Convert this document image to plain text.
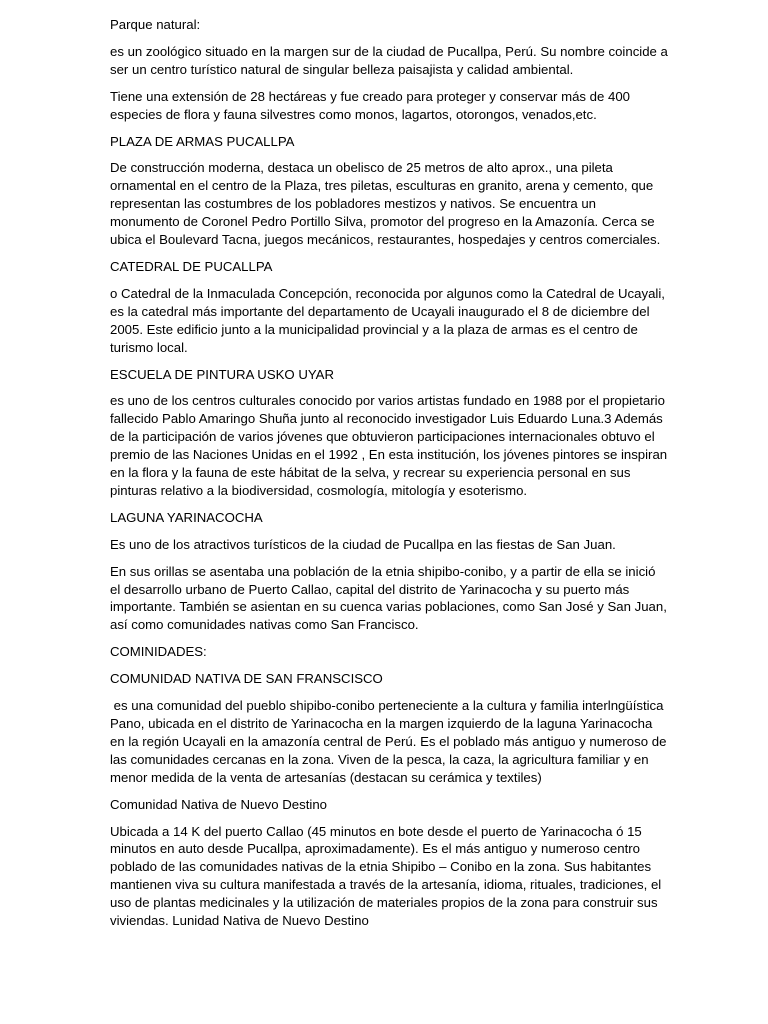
Parque natural:

es un zoológico situado en la margen sur de la ciudad de Pucallpa, Perú. Su nombre coincide a ser un centro turístico natural de singular belleza paisajista y calidad ambiental.

Tiene una extensión de 28 hectáreas y fue creado para proteger y conservar más de 400 especies de flora y fauna silvestres como monos, lagartos, otorongos, venados,etc.

PLAZA DE ARMAS PUCALLPA

De construcción moderna, destaca un obelisco de 25 metros de alto aprox., una pileta ornamental en el centro de la Plaza, tres piletas, esculturas en granito, arena y cemento, que representan las costumbres de los pobladores mestizos y nativos. Se encuentra un monumento de Coronel Pedro Portillo Silva, promotor del progreso en la Amazonía. Cerca se ubica el Boulevard Tacna, juegos mecánicos, restaurantes, hospedajes y centros comerciales.

CATEDRAL DE PUCALLPA

o Catedral de la Inmaculada Concepción, reconocida por algunos como la Catedral de Ucayali, es la catedral más importante del departamento de Ucayali inaugurado el 8 de diciembre del 2005. Este edificio junto a la municipalidad provincial y a la plaza de armas es el centro de turismo local.

ESCUELA DE PINTURA USKO UYAR

es uno de los centros culturales conocido por varios artistas fundado en 1988 por el propietario fallecido Pablo Amaringo Shuña junto al reconocido investigador Luis Eduardo Luna.3 Además de la participación de varios jóvenes que obtuvieron participaciones internacionales obtuvo el premio de las Naciones Unidas en el 1992 , En esta institución, los jóvenes pintores se inspiran en la flora y la fauna de este hábitat de la selva, y recrear su experiencia personal en sus pinturas relativo a la biodiversidad, cosmología, mitología y esoterismo.

LAGUNA YARINACOCHA

Es uno de los atractivos turísticos de la ciudad de Pucallpa en las fiestas de San Juan.

En sus orillas se asentaba una población de la etnia shipibo-conibo, y a partir de ella se inició el desarrollo urbano de Puerto Callao, capital del distrito de Yarinacocha y su puerto más importante. También se asientan en su cuenca varias poblaciones, como San José y San Juan, así como comunidades nativas como San Francisco.

COMINIDADES:

COMUNIDAD NATIVA DE SAN FRANSCISCO

es una comunidad del pueblo shipibo-conibo perteneciente a la cultura y familia interlngüística Pano, ubicada en el distrito de Yarinacocha en la margen izquierdo de la laguna Yarinacocha en la región Ucayali en la amazonía central de Perú. Es el poblado más antiguo y numeroso de las comunidades cercanas en la zona. Viven de la pesca, la caza, la agricultura familiar y en menor medida de la venta de artesanías (destacan su cerámica y textiles)

Comunidad Nativa de Nuevo Destino

Ubicada a 14 K del puerto Callao (45 minutos en bote desde el puerto de Yarinacocha ó 15 minutos en auto desde Pucallpa, aproximadamente). Es el más antiguo y numeroso centro poblado de las comunidades nativas de la etnia Shipibo – Conibo en la zona. Sus habitantes mantienen viva su cultura manifestada a través de la artesanía, idioma, rituales, tradiciones, el uso de plantas medicinales y la utilización de materiales propios de la zona para construir sus viviendas. Lunidad Nativa de Nuevo Destino
